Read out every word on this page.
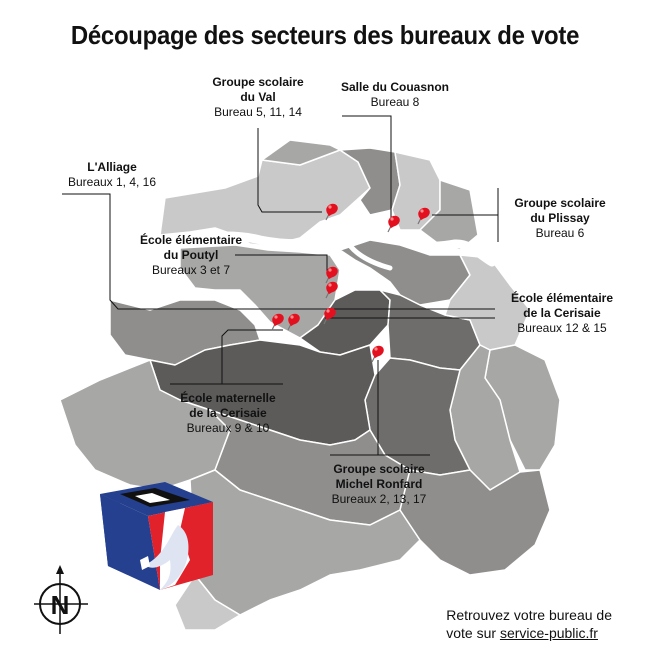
N
Découpage des secteurs des bureaux de vote
Groupe scolaire
du Val
Bureau 5, 11, 14
Salle du Couasnon
Bureau 8
L'Alliage
Bureaux 1, 4, 16
Groupe scolaire
du Plissay
Bureau 6
École élémentaire
du Poutyl
Bureaux 3 et 7
École élémentaire
de la Cerisaie
Bureaux 12 & 15
École maternelle
de la Cerisaie
Bureaux 9 & 10
Groupe scolaire
Michel Ronfard
Bureaux 2, 13, 17
Retrouvez votre bureau de
vote sur service-public.fr
